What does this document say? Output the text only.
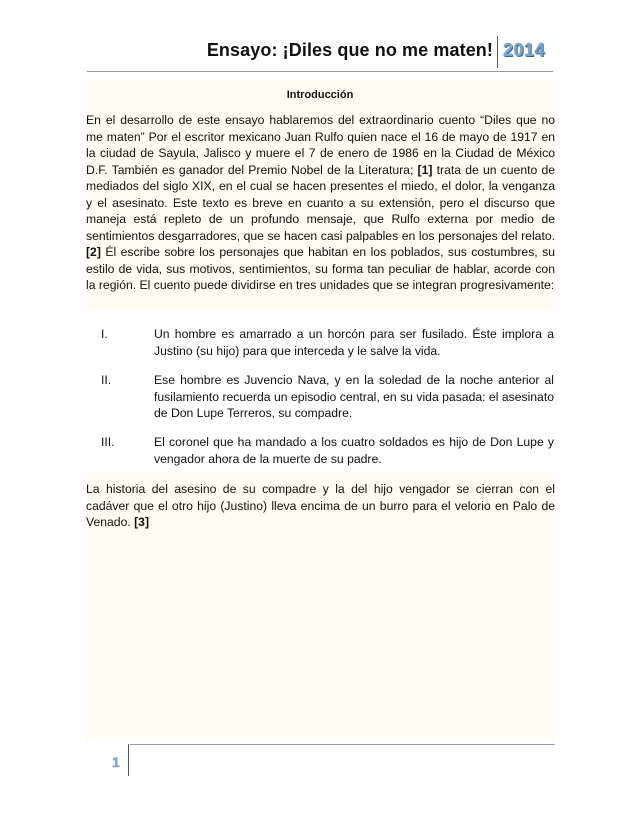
Ensayo: ¡Diles que no me maten! 2014
Introducción

En el desarrollo de este ensayo hablaremos del extraordinario cuento “Diles que no me maten” Por el escritor mexicano Juan Rulfo quien nace el 16 de mayo de 1917 en la ciudad de Sayula, Jalisco y muere el 7 de enero de 1986 en la Ciudad de México D.F. También es ganador del Premio Nobel de la Literatura; [1] trata de un cuento de mediados del siglo XIX, en el cual se hacen presentes el miedo, el dolor, la venganza y el asesinato. Este texto es breve en cuanto a su extensión, pero el discurso que maneja está repleto de un profundo mensaje, que Rulfo externa por medio de sentimientos desgarradores, que se hacen casi palpables en los personajes del relato. [2] Él escribe sobre los personajes que habitan en los poblados, sus costumbres, su estilo de vida, sus motivos, sentimientos, su forma tan peculiar de hablar, acorde con la región. El cuento puede dividirse en tres unidades que se integran progresivamente:

I.	Un hombre es amarrado a un horcón para ser fusilado. Éste implora a Justino (su hijo) para que interceda y le salve la vida.
II.	Ese hombre es Juvencio Nava, y en la soledad de la noche anterior al fusilamiento recuerda un episodio central, en su vida pasada: el asesinato de Don Lupe Terreros, su compadre.
III.	El coronel que ha mandado a los cuatro soldados es hijo de Don Lupe y vengador ahora de la muerte de su padre.

La historia del asesino de su compadre y la del hijo vengador se cierran con el cadáver que el otro hijo (Justino) lleva encima de un burro para el velorio en Palo de Venado. [3]

1
